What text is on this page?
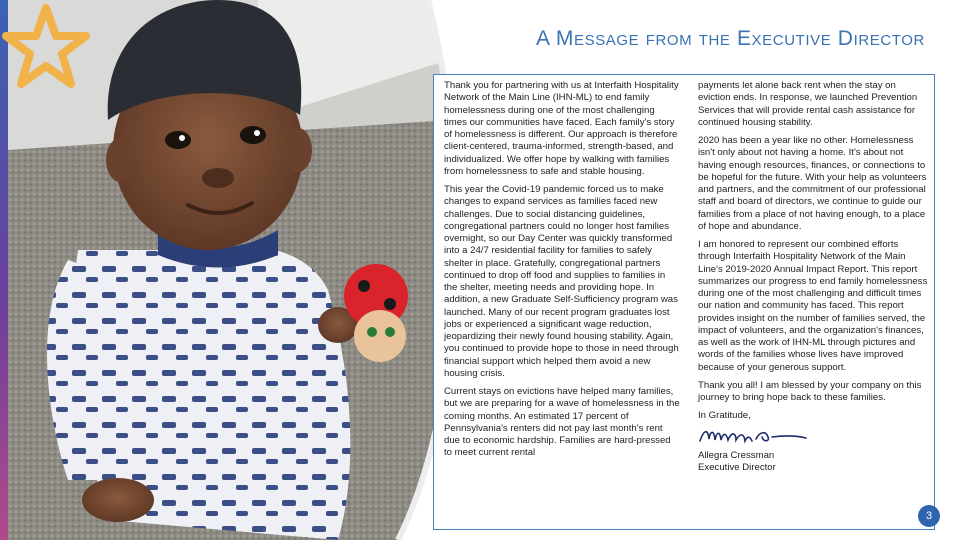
A Message from the Executive Director

Thank you for partnering with us at Interfaith Hospitality Network of the Main Line (IHN-ML) to end family homelessness during one of the most challenging times our communities have faced. Each family's story of homelessness is different. Our approach is therefore client-centered, trauma-informed, strength-based, and individualized. We offer hope by walking with families from homelessness to safe and stable housing.

This year the Covid-19 pandemic forced us to make changes to expand services as families faced new challenges. Due to social distancing guidelines, congregational partners could no longer host families overnight, so our Day Center was quickly transformed into a 24/7 residential facility for families to safely shelter in place. Gratefully, congregational partners continued to drop off food and supplies to families in the shelter, meeting needs and providing hope. In addition, a new Graduate Self-Sufficiency program was launched. Many of our recent program graduates lost jobs or experienced a significant wage reduction, jeopardizing their newly found housing stability. Again, you continued to provide hope to those in need through financial support which helped them avoid a new housing crisis.

Current stays on evictions have helped many families, but we are preparing for a wave of homelessness in the coming months. An estimated 17 percent of Pennsylvania's renters did not pay last month's rent due to economic hardship. Families are hard-pressed to meet current rental

payments let alone back rent when the stay on eviction ends. In response, we launched Prevention Services that will provide rental cash assistance for continued housing stability.

2020 has been a year like no other. Homelessness isn't only about not having a home. It's about not having enough resources, finances, or connections to be hopeful for the future. With your help as volunteers and partners, and the commitment of our professional staff and board of directors, we continue to guide our families from a place of not having enough, to a place of hope and abundance.

I am honored to represent our combined efforts through Interfaith Hospitality Network of the Main Line's 2019-2020 Annual Impact Report. This report summarizes our progress to end family homelessness during one of the most challenging and difficult times our nation and community has faced. This report provides insight on the number of families served, the impact of volunteers, and the organization's finances, as well as the work of IHN-ML through pictures and words of the families whose lives have improved because of your generous support.

Thank you all! I am blessed by your company on this journey to bring hope back to these families.

In Gratitude,
Allegra Cressman
Executive Director
3
